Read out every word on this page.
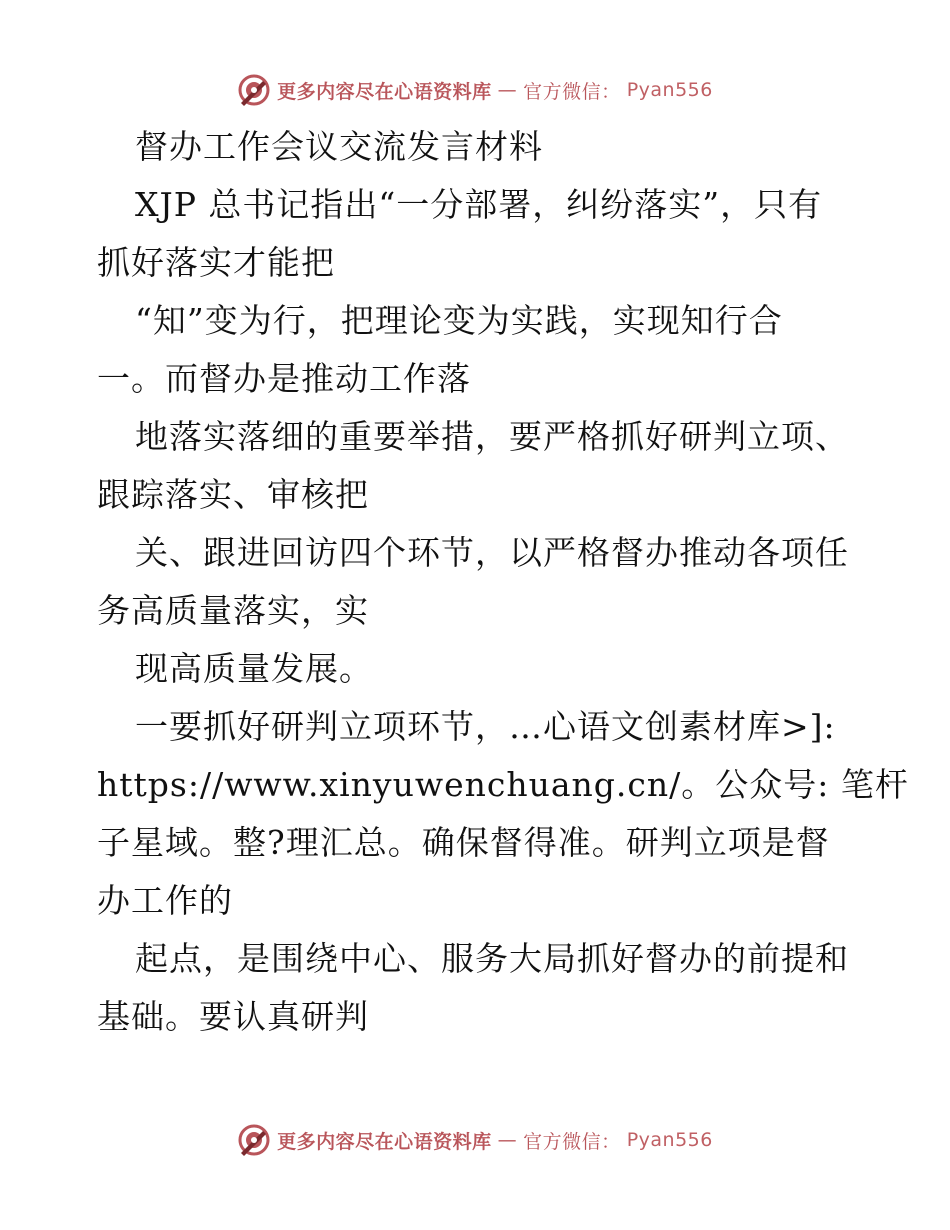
更多内容尽在心语资料库 — 官方微信： Pyan556
督办工作会议交流发言材料
XJP 总书记指出“一分部署，纠纷落实”，只有
抓好落实才能把
“知”变为行，把理论变为实践，实现知行合
一。而督办是推动工作落
地落实落细的重要举措，要严格抓好研判立项、
跟踪落实、审核把
关、跟进回访四个环节，以严格督办推动各项任
务高质量落实，实
现高质量发展。
一要抓好研判立项环节，…心语文创素材库>]:
https://www.xinyuwenchuang.cn/。公众号: 笔杆
子星域。整?理汇总。确保督得准。研判立项是督
办工作的
起点，是围绕中心、服务大局抓好督办的前提和
基础。要认真研判
更多内容尽在心语资料库 — 官方微信： Pyan556
